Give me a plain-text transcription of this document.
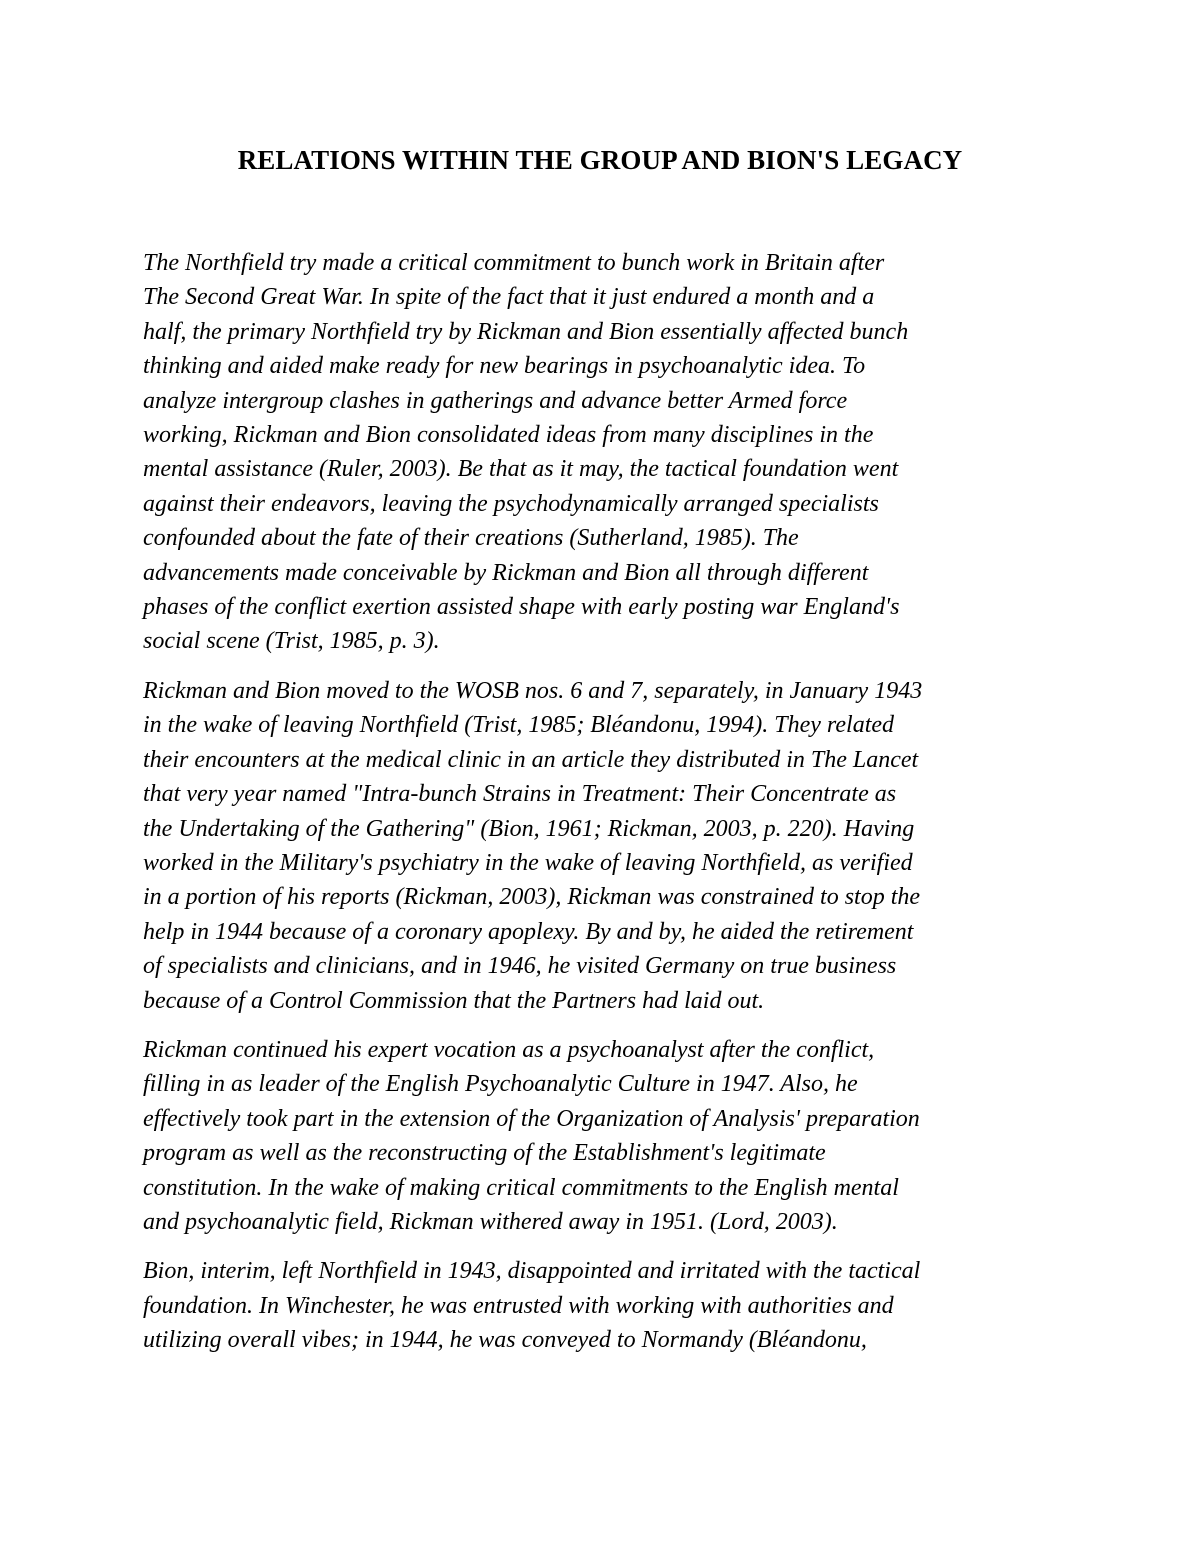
RELATIONS WITHIN THE GROUP AND BION'S LEGACY

The Northfield try made a critical commitment to bunch work in Britain after
The Second Great War. In spite of the fact that it just endured a month and a
half, the primary Northfield try by Rickman and Bion essentially affected bunch
thinking and aided make ready for new bearings in psychoanalytic idea. To
analyze intergroup clashes in gatherings and advance better Armed force
working, Rickman and Bion consolidated ideas from many disciplines in the
mental assistance (Ruler, 2003). Be that as it may, the tactical foundation went
against their endeavors, leaving the psychodynamically arranged specialists
confounded about the fate of their creations (Sutherland, 1985). The
advancements made conceivable by Rickman and Bion all through different
phases of the conflict exertion assisted shape with early posting war England's
social scene (Trist, 1985, p. 3).

Rickman and Bion moved to the WOSB nos. 6 and 7, separately, in January 1943
in the wake of leaving Northfield (Trist, 1985; Bléandonu, 1994). They related
their encounters at the medical clinic in an article they distributed in The Lancet
that very year named "Intra-bunch Strains in Treatment: Their Concentrate as
the Undertaking of the Gathering" (Bion, 1961; Rickman, 2003, p. 220). Having
worked in the Military's psychiatry in the wake of leaving Northfield, as verified
in a portion of his reports (Rickman, 2003), Rickman was constrained to stop the
help in 1944 because of a coronary apoplexy. By and by, he aided the retirement
of specialists and clinicians, and in 1946, he visited Germany on true business
because of a Control Commission that the Partners had laid out.

Rickman continued his expert vocation as a psychoanalyst after the conflict,
filling in as leader of the English Psychoanalytic Culture in 1947. Also, he
effectively took part in the extension of the Organization of Analysis' preparation
program as well as the reconstructing of the Establishment's legitimate
constitution. In the wake of making critical commitments to the English mental
and psychoanalytic field, Rickman withered away in 1951. (Lord, 2003).

Bion, interim, left Northfield in 1943, disappointed and irritated with the tactical
foundation. In Winchester, he was entrusted with working with authorities and
utilizing overall vibes; in 1944, he was conveyed to Normandy (Bléandonu,
